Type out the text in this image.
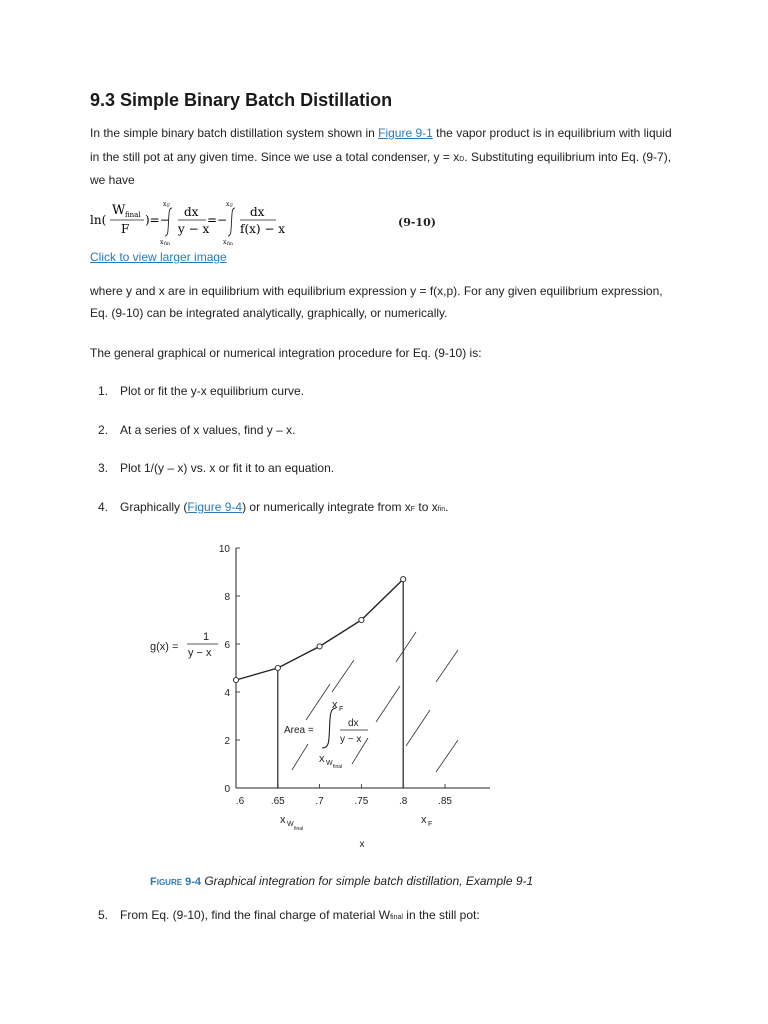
9.3 Simple Binary Batch Distillation

In the simple binary batch distillation system shown in Figure 9-1 the vapor product is in equilibrium with liquid

in the still pot at any given time. Since we use a total condenser, y = xD. Substituting equilibrium into Eq. (9-7),

we have

ln(
W final
F
)=−
x F
x fin
dx
y − x
=−
x F
x fin
dx
f(x) − x	(9-10)

Click to view larger image

where y and x are in equilibrium with equilibrium expression y = f(x,p). For any given equilibrium expression,

Eq. (9-10) can be integrated analytically, graphically, or numerically.

The general graphical or numerical integration procedure for Eq. (9-10) is:

1. Plot or fit the y-x equilibrium curve.
2. At a series of x values, find y – x.
3. Plot 1/(y – x) vs. x or fit it to an equation.
4. Graphically (Figure 9-4) or numerically integrate from xF to xfin.
.6	.65	.7	.75	.8	.85
0
2
4
6
8
10
g(x) =
1
y − x
Area =
x F
dx
y − x
x W final
x W
final
x F
x
Figure 9-4 Graphical integration for simple batch distillation, Example 9-1
5. From Eq. (9-10), find the final charge of material Wfinal in the still pot:
